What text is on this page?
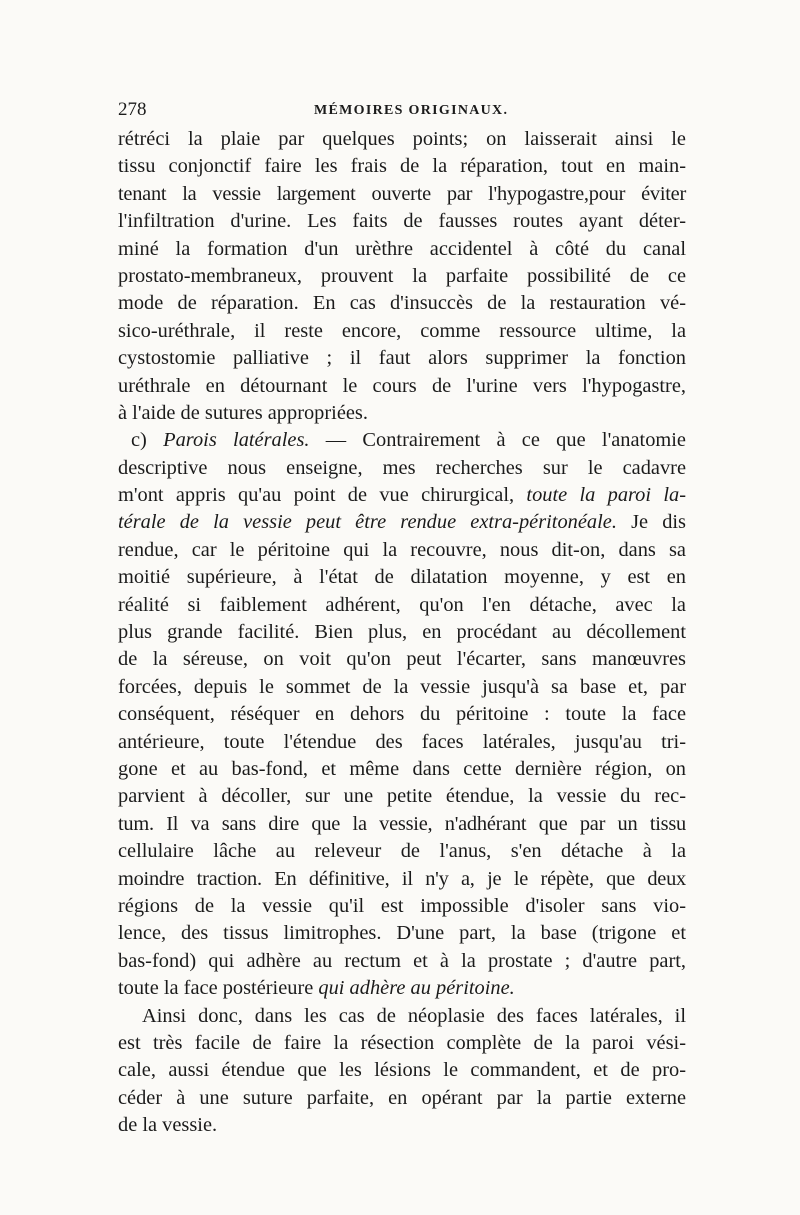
278	MÉMOIRES ORIGINAUX.
rétréci la plaie par quelques points; on laisserait ainsi le
tissu conjonctif faire les frais de la réparation, tout en main-
tenant la vessie largement ouverte par l'hypogastre,pour éviter
l'infiltration d'urine. Les faits de fausses routes ayant déter-
miné la formation d'un urèthre accidentel à côté du canal
prostato-membraneux, prouvent la parfaite possibilité de ce
mode de réparation. En cas d'insuccès de la restauration vé-
sico-uréthrale, il reste encore, comme ressource ultime, la
cystostomie palliative ; il faut alors supprimer la fonction
uréthrale en détournant le cours de l'urine vers l'hypogastre,
à l'aide de sutures appropriées.
c) Parois latérales. — Contrairement à ce que l'anatomie
descriptive nous enseigne, mes recherches sur le cadavre
m'ont appris qu'au point de vue chirurgical, toute la paroi la-
térale de la vessie peut être rendue extra-péritonéale. Je dis
rendue, car le péritoine qui la recouvre, nous dit-on, dans sa
moitié supérieure, à l'état de dilatation moyenne, y est en
réalité si faiblement adhérent, qu'on l'en détache, avec la
plus grande facilité. Bien plus, en procédant au décollement
de la séreuse, on voit qu'on peut l'écarter, sans manœuvres
forcées, depuis le sommet de la vessie jusqu'à sa base et, par
conséquent, réséquer en dehors du péritoine : toute la face
antérieure, toute l'étendue des faces latérales, jusqu'au tri-
gone et au bas-fond, et même dans cette dernière région, on
parvient à décoller, sur une petite étendue, la vessie du rec-
tum. Il va sans dire que la vessie, n'adhérant que par un tissu
cellulaire lâche au releveur de l'anus, s'en détache à la
moindre traction. En définitive, il n'y a, je le répète, que deux
régions de la vessie qu'il est impossible d'isoler sans vio-
lence, des tissus limitrophes. D'une part, la base (trigone et
bas-fond) qui adhère au rectum et à la prostate ; d'autre part,
toute la face postérieure qui adhère au péritoine.
Ainsi donc, dans les cas de néoplasie des faces latérales, il
est très facile de faire la résection complète de la paroi vési-
cale, aussi étendue que les lésions le commandent, et de pro-
céder à une suture parfaite, en opérant par la partie externe
de la vessie.
